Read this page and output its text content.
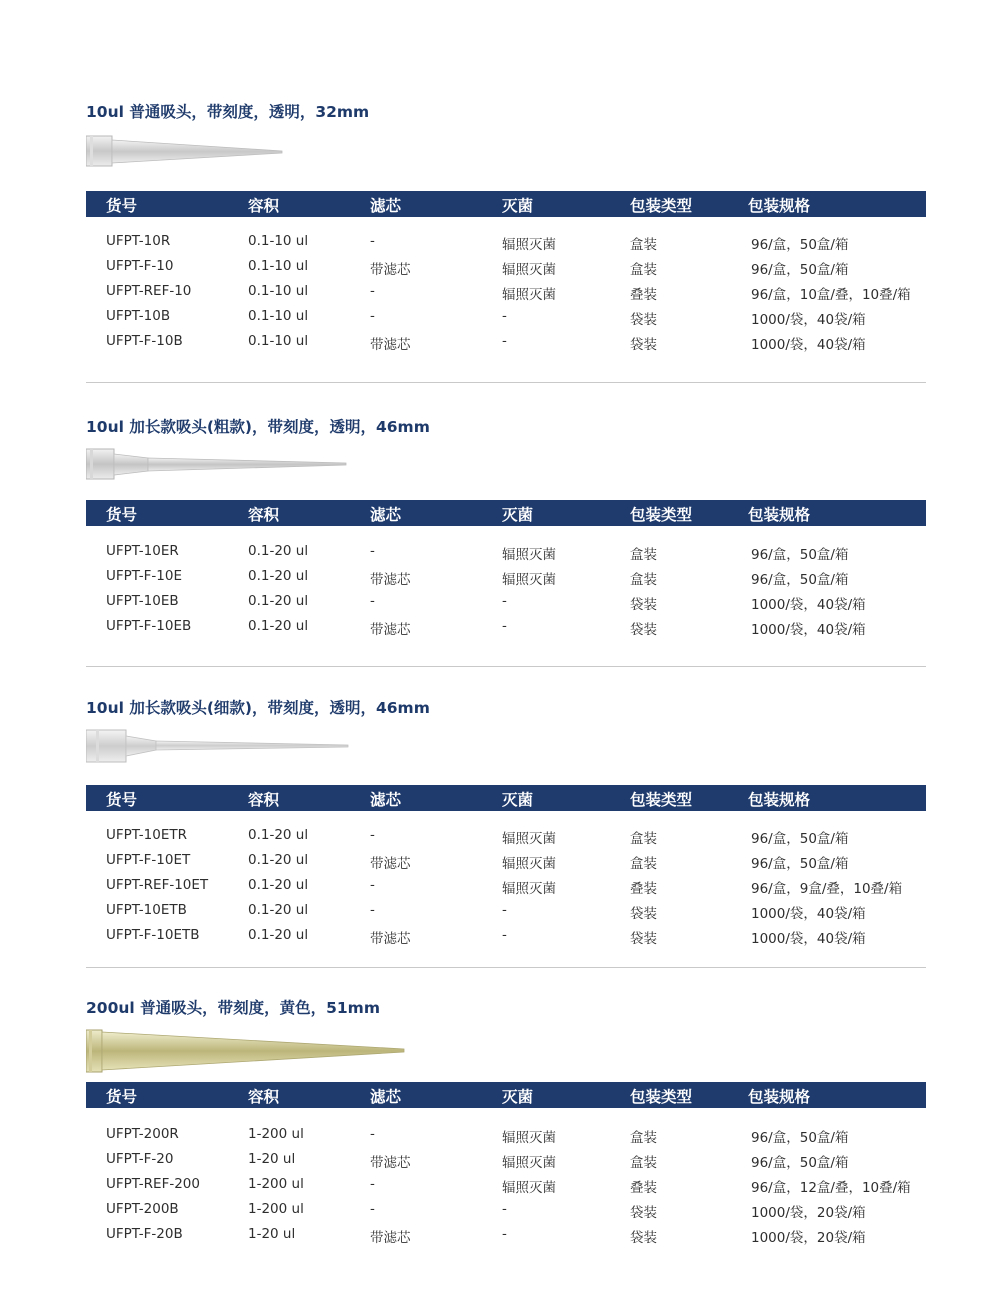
10ul 普通吸头，带刻度，透明，32mm
货号	容积	滤芯	灭菌	包装类型	包装规格
UFPT-10R	0.1-10 ul	-	辐照灭菌	盒装	96/盒，50盒/箱
UFPT-F-10	0.1-10 ul	带滤芯	辐照灭菌	盒装	96/盒，50盒/箱
UFPT-REF-10	0.1-10 ul	-	辐照灭菌	叠装	96/盒，10盒/叠，10叠/箱
UFPT-10B	0.1-10 ul	-	-	袋装	1000/袋，40袋/箱
UFPT-F-10B	0.1-10 ul	带滤芯	-	袋装	1000/袋，40袋/箱
10ul 加长款吸头(粗款)，带刻度，透明，46mm
货号	容积	滤芯	灭菌	包装类型	包装规格
UFPT-10ER	0.1-20 ul	-	辐照灭菌	盒装	96/盒，50盒/箱
UFPT-F-10E	0.1-20 ul	带滤芯	辐照灭菌	盒装	96/盒，50盒/箱
UFPT-10EB	0.1-20 ul	-	-	袋装	1000/袋，40袋/箱
UFPT-F-10EB	0.1-20 ul	带滤芯	-	袋装	1000/袋，40袋/箱
10ul 加长款吸头(细款)，带刻度，透明，46mm
货号	容积	滤芯	灭菌	包装类型	包装规格
UFPT-10ETR	0.1-20 ul	-	辐照灭菌	盒装	96/盒，50盒/箱
UFPT-F-10ET	0.1-20 ul	带滤芯	辐照灭菌	盒装	96/盒，50盒/箱
UFPT-REF-10ET	0.1-20 ul	-	辐照灭菌	叠装	96/盒，9盒/叠，10叠/箱
UFPT-10ETB	0.1-20 ul	-	-	袋装	1000/袋，40袋/箱
UFPT-F-10ETB	0.1-20 ul	带滤芯	-	袋装	1000/袋，40袋/箱
200ul 普通吸头，带刻度，黄色，51mm
货号	容积	滤芯	灭菌	包装类型	包装规格
UFPT-200R	1-200 ul	-	辐照灭菌	盒装	96/盒，50盒/箱
UFPT-F-20	1-20 ul	带滤芯	辐照灭菌	盒装	96/盒，50盒/箱
UFPT-REF-200	1-200 ul	-	辐照灭菌	叠装	96/盒，12盒/叠，10叠/箱
UFPT-200B	1-200 ul	-	-	袋装	1000/袋，20袋/箱
UFPT-F-20B	1-20 ul	带滤芯	-	袋装	1000/袋，20袋/箱
